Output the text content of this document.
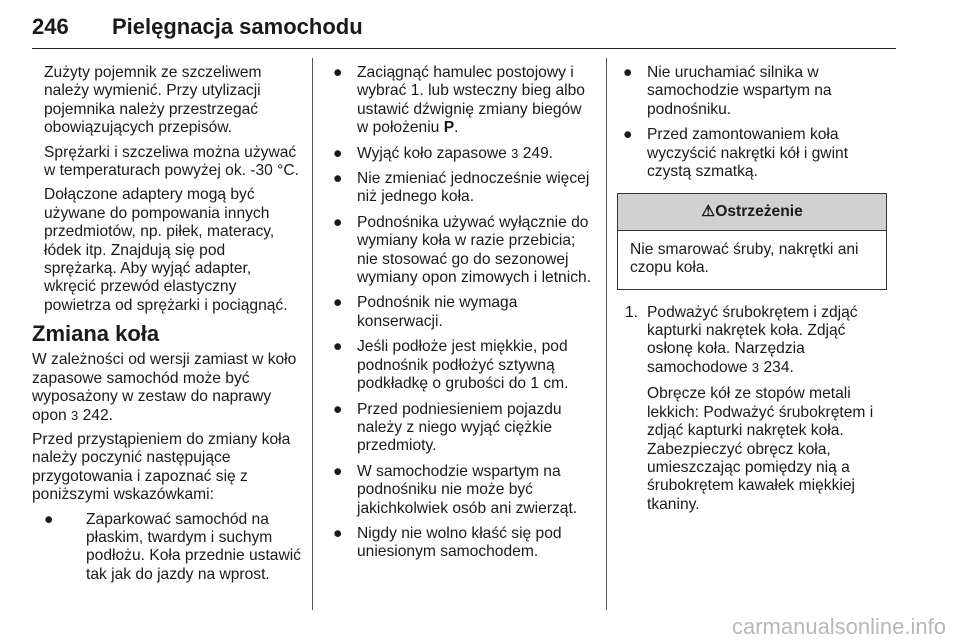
246 Pielęgnacja samochodu

Zużyty pojemnik ze szczeliwem należy wymienić. Przy utylizacji pojemnika należy przestrzegać obowiązujących przepisów.

Sprężarki i szczeliwa można używać w temperaturach powyżej ok. -30 °C.

Dołączone adaptery mogą być używane do pompowania innych przedmiotów, np. piłek, materacy, łódek itp. Znajdują się pod sprężarką. Aby wyjąć adapter, wkręcić przewód elastyczny powietrza od sprężarki i pociągnąć.

Zmiana koła

W zależności od wersji zamiast w koło zapasowe samochód może być wyposażony w zestaw do naprawy opon 3 242.

Przed przystąpieniem do zmiany koła należy poczynić następujące przygotowania i zapoznać się z poniższymi wskazówkami:

● Zaparkować samochód na płaskim, twardym i suchym podłożu. Koła przednie ustawić tak jak do jazdy na wprost.
● Zaciągnąć hamulec postojowy i wybrać 1. lub wsteczny bieg albo ustawić dźwignię zmiany biegów w położeniu P.
● Wyjąć koło zapasowe 3 249.
● Nie zmieniać jednocześnie więcej niż jednego koła.
● Podnośnika używać wyłącznie do wymiany koła w razie przebicia; nie stosować go do sezonowej wymiany opon zimowych i letnich.
● Podnośnik nie wymaga konserwacji.
● Jeśli podłoże jest miękkie, pod podnośnik podłożyć sztywną podkładkę o grubości do 1 cm.
● Przed podniesieniem pojazdu należy z niego wyjąć ciężkie przedmioty.
● W samochodzie wspartym na podnośniku nie może być jakichkolwiek osób ani zwierząt.
● Nigdy nie wolno kłaść się pod uniesionym samochodem.
● Nie uruchamiać silnika w samochodzie wspartym na podnośniku.
● Przed zamontowaniem koła wyczyścić nakrętki kół i gwint czystą szmatką.
⚠Ostrzeżenie
Nie smarować śruby, nakrętki ani czopu koła.
1. Podważyć śrubokrętem i zdjąć kapturki nakrętek koła. Zdjąć osłonę koła. Narzędzia samochodowe 3 234.

Obręcze kół ze stopów metali lekkich: Podważyć śrubokrętem i zdjąć kapturki nakrętek koła. Zabezpieczyć obręcz koła, umieszczając pomiędzy nią a śrubokrętem kawałek miękkiej tkaniny.

carmanualsonline.info
